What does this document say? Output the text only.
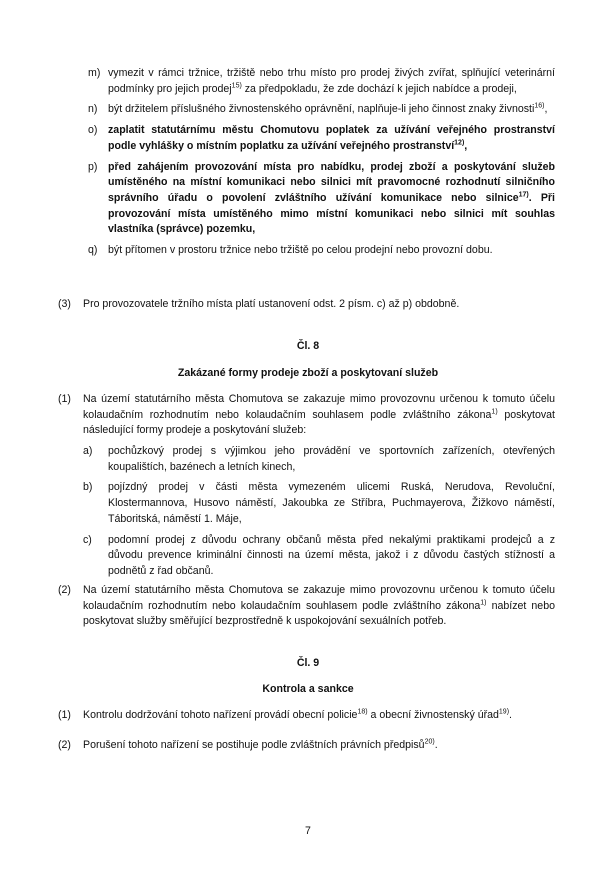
m) vymezit v rámci tržnice, tržiště nebo trhu místo pro prodej živých zvířat, splňující veterinární podmínky pro jejich prodej$^{15)}$ za předpokladu, že zde dochází k jejich nabídce a prodeji,
n) být držitelem příslušného živnostenského oprávnění, naplňuje-li jeho činnost znaky živnosti$^{16)}$,
o) zaplatit statutárnímu městu Chomutovu poplatek za užívání veřejného prostranství podle vyhlášky o místním poplatku za užívání veřejného prostranství$^{12)}$,
p) před zahájením provozování místa pro nabídku, prodej zboží a poskytování služeb umístěného na místní komunikaci nebo silnici mít pravomocné rozhodnutí silničního správního úřadu o povolení zvláštního užívání komunikace nebo silnice$^{17)}$. Při provozování místa umístěného mimo místní komunikaci nebo silnici mít souhlas vlastníka (správce) pozemku,
q) být přítomen v prostoru tržnice nebo tržiště po celou prodejní nebo provozní dobu.
(3) Pro provozovatele tržního místa platí ustanovení odst. 2 písm. c) až p) obdobně.
Čl. 8
Zakázané formy prodeje zboží a poskytovaní služeb
(1) Na území statutárního města Chomutova se zakazuje mimo provozovnu určenou k tomuto účelu kolaudačním rozhodnutím nebo kolaudačním souhlasem podle zvláštního zákona$^{1)}$ poskytovat následující formy prodeje a poskytování služeb:
a) pochůzkový prodej s výjimkou jeho provádění ve sportovních zařízeních, otevřených koupalištích, bazénech a letních kinech,
b) pojízdný prodej v části města vymezeném ulicemi Ruská, Nerudova, Revoluční, Klostermannova, Husovo náměstí, Jakoubka ze Stříbra, Puchmayerova, Žižkovo náměstí, Táboritská, náměstí 1. Máje,
c) podomní prodej z důvodu ochrany občanů města před nekalými praktikami prodejců a z důvodu prevence kriminální činnosti na území města, jakož i z důvodu častých stížností a podnětů z řad občanů.
(2) Na území statutárního města Chomutova se zakazuje mimo provozovnu určenou k tomuto účelu kolaudačním rozhodnutím nebo kolaudačním souhlasem podle zvláštního zákona$^{1)}$ nabízet nebo poskytovat služby směřující bezprostředně k uspokojování sexuálních potřeb.
Čl. 9
Kontrola a sankce
(1) Kontrolu dodržování tohoto nařízení provádí obecní policie$^{18)}$ a obecní živnostenský úřad$^{19)}$.
(2) Porušení tohoto nařízení se postihuje podle zvláštních právních předpisů$^{20)}$.
7
